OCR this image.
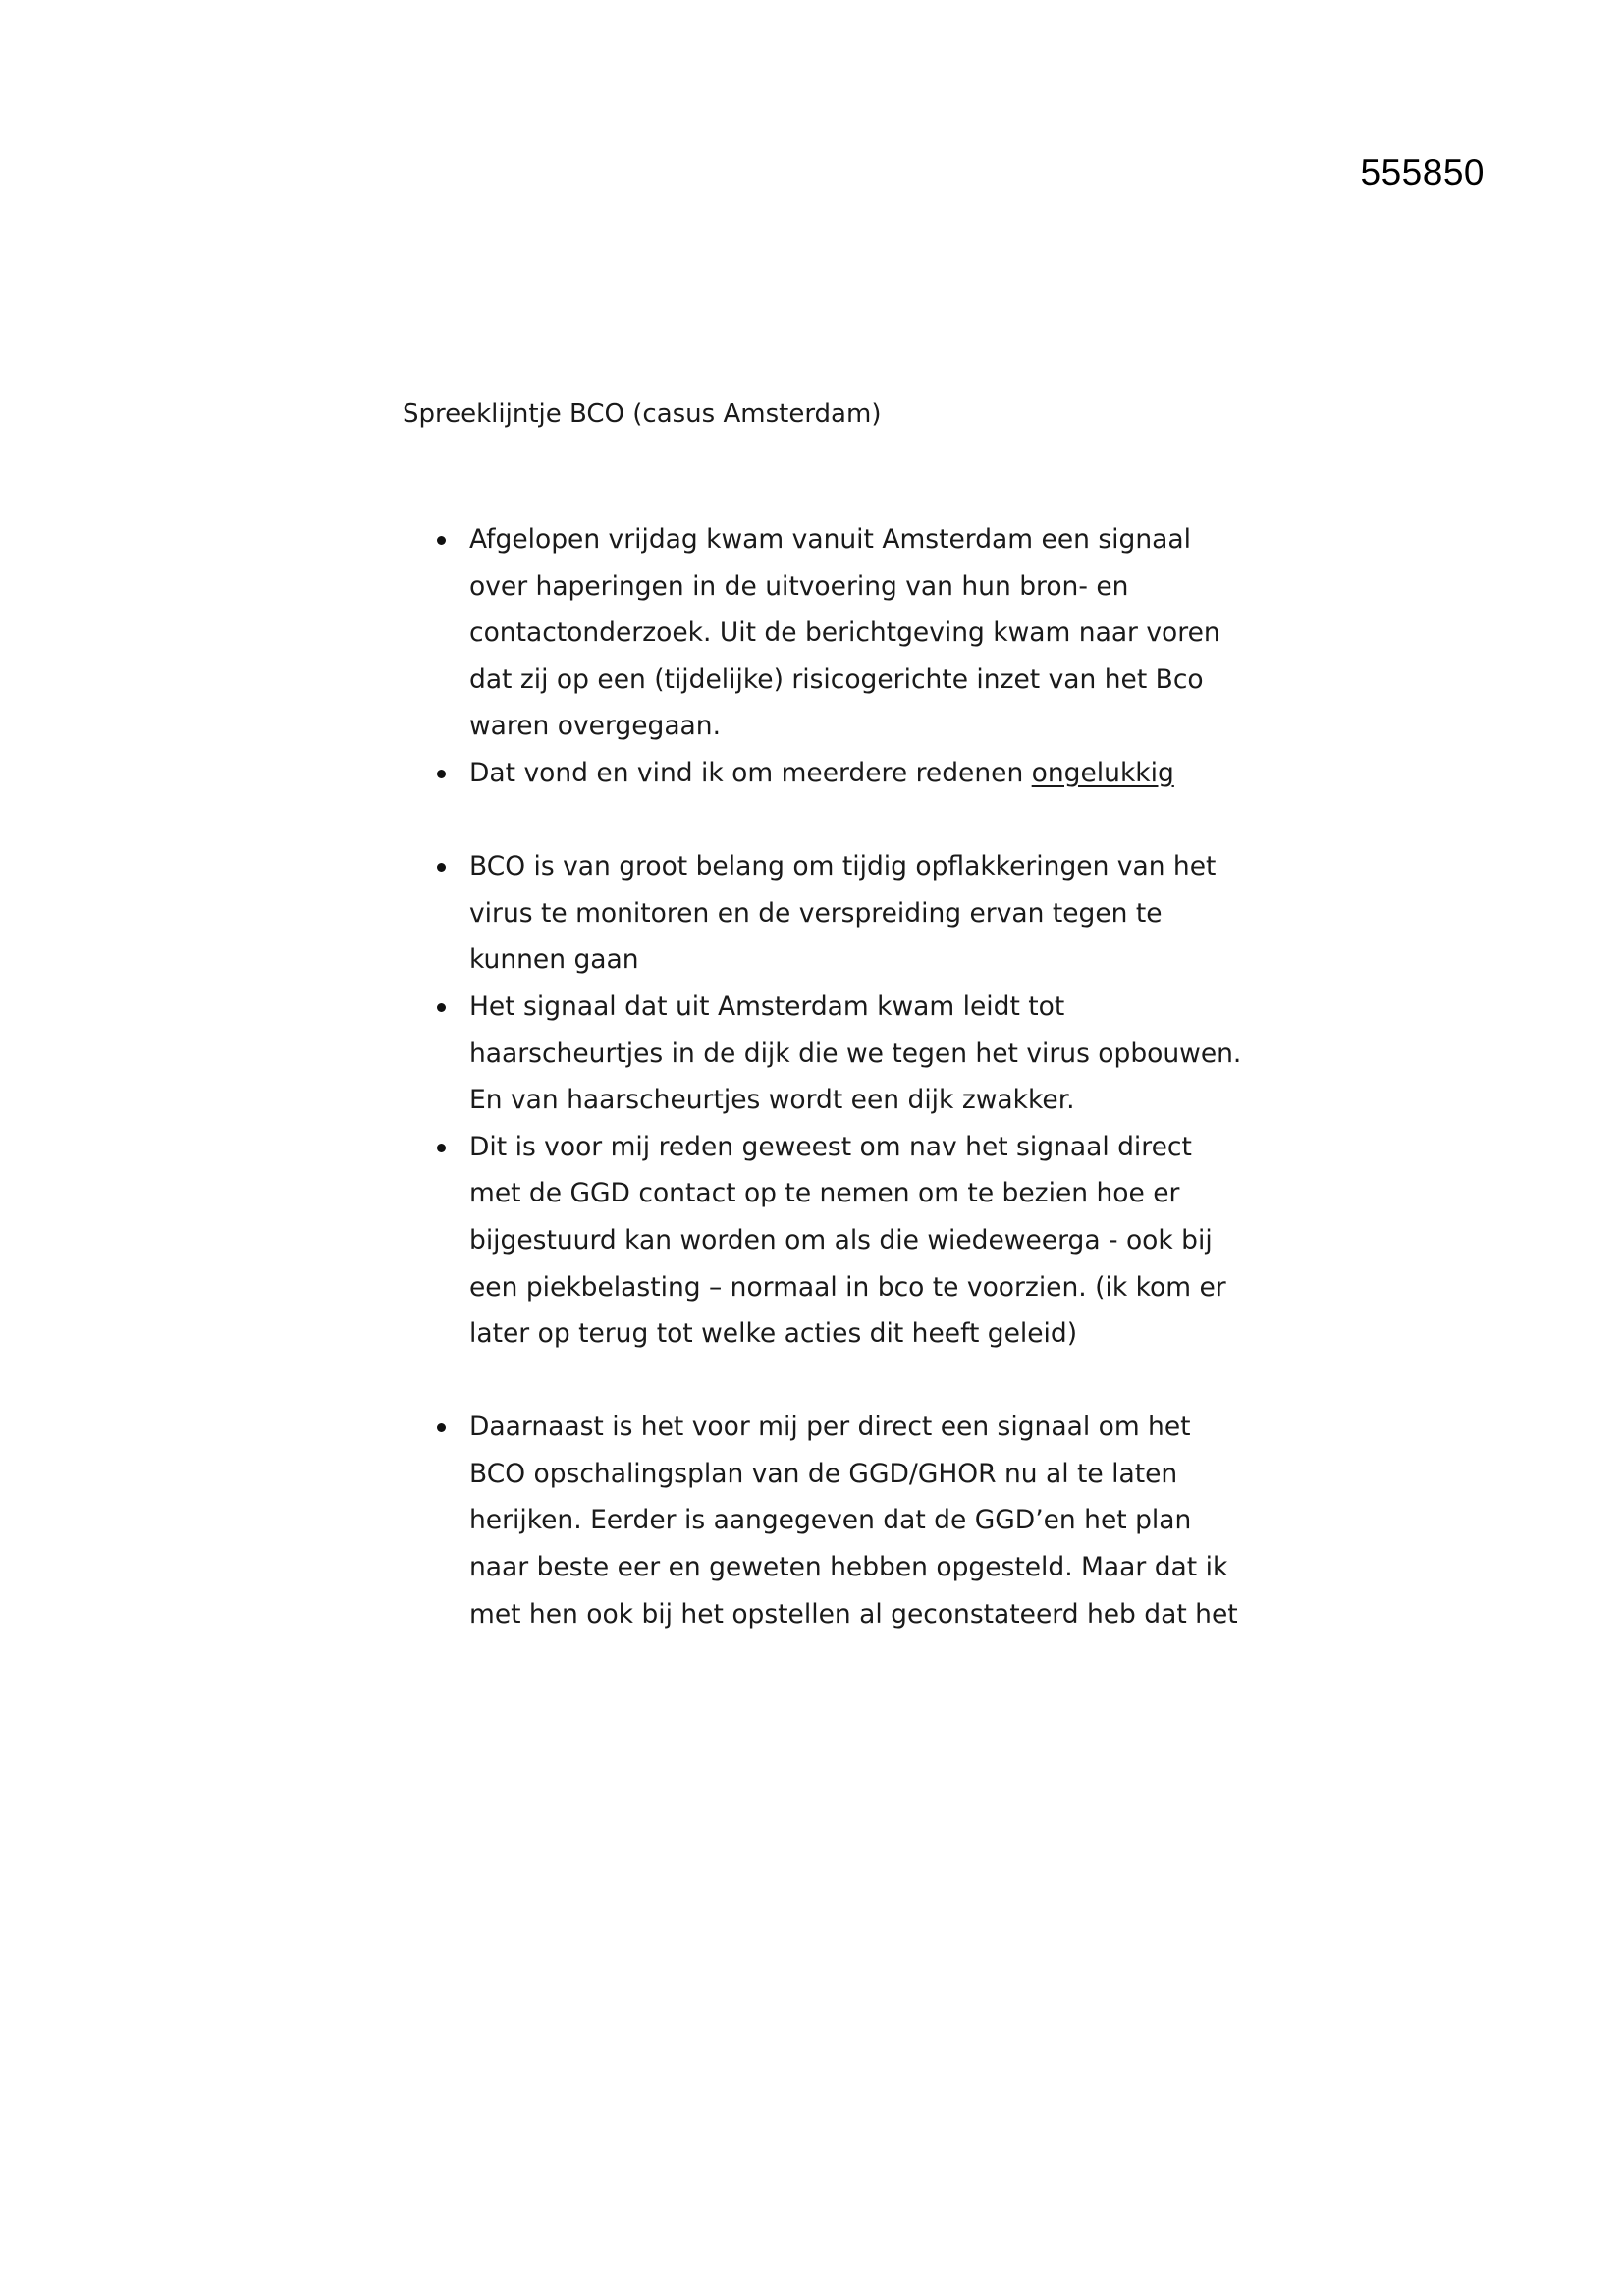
555850
Spreeklijntje BCO (casus Amsterdam)
Afgelopen vrijdag kwam vanuit Amsterdam een signaal over haperingen in de uitvoering van hun bron- en contactonderzoek. Uit de berichtgeving kwam naar voren dat zij op een (tijdelijke) risicogerichte inzet van het Bco waren overgegaan.
Dat vond en vind ik om meerdere redenen ongelukkig
BCO is van groot belang om tijdig opflakkeringen van het virus te monitoren en de verspreiding ervan tegen te kunnen gaan
Het signaal dat uit Amsterdam kwam leidt tot haarscheurtjes in de dijk die we tegen het virus opbouwen. En van haarscheurtjes wordt een dijk zwakker.
Dit is voor mij reden geweest om nav het signaal direct met de GGD contact op te nemen om te bezien hoe er bijgestuurd kan worden om als die wiedeweerga - ook bij een piekbelasting – normaal in bco te voorzien. (ik kom er later op terug tot welke acties dit heeft geleid)
Daarnaast is het voor mij per direct een signaal om het BCO opschalingsplan van de GGD/GHOR nu al te laten herijken. Eerder is aangegeven dat de GGD’en het plan naar beste eer en geweten hebben opgesteld. Maar dat ik met hen ook bij het opstellen al geconstateerd heb dat het
